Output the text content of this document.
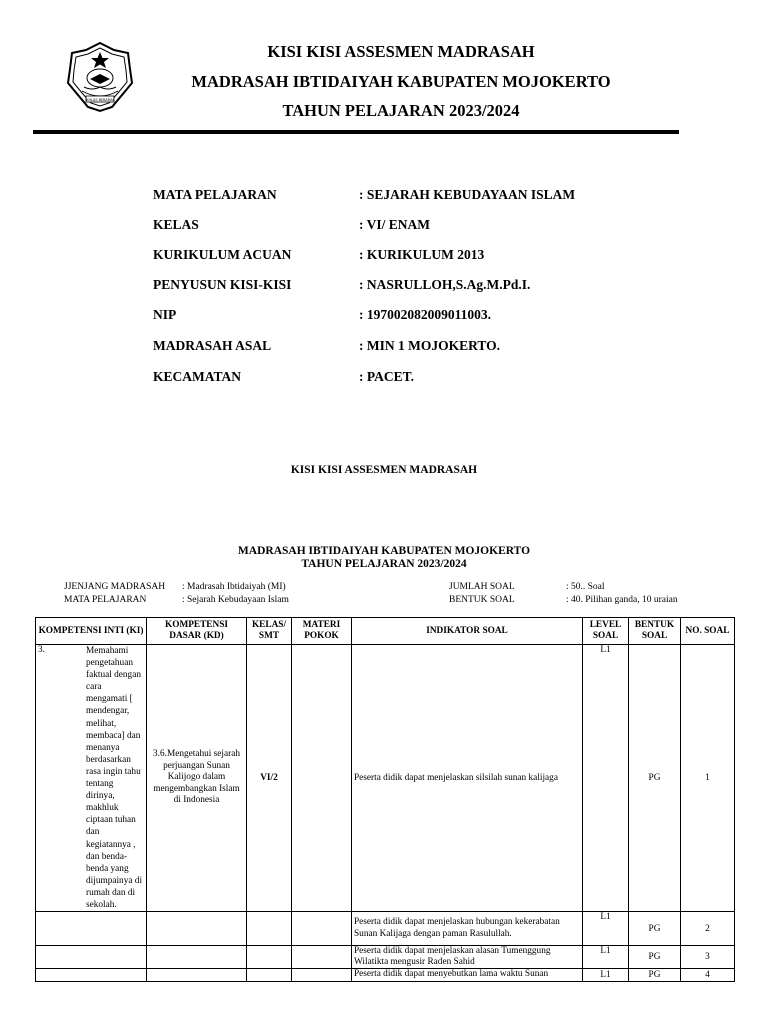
IKHLAS BERAMAL
KISI KISI ASSESMEN MADRASAH
MADRASAH IBTIDAIYAH KABUPATEN MOJOKERTO
TAHUN PELAJARAN 2023/2024
MATA PELAJARAN	: SEJARAH KEBUDAYAAN ISLAM
KELAS	: VI/ ENAM
KURIKULUM ACUAN	: KURIKULUM 2013
PENYUSUN KISI-KISI	: NASRULLOH,S.Ag.M.Pd.I.
NIP	: 197002082009011003.
MADRASAH ASAL	: MIN 1 MOJOKERTO.
KECAMATAN	: PACET.
KISI KISI ASSESMEN MADRASAH
MADRASAH IBTIDAIYAH KABUPATEN MOJOKERTO
TAHUN PELAJARAN 2023/2024
JJENJANG MADRASAH : Madrasah Ibtidaiyah (MI)
MATA PELAJARAN	: Sejarah Kebudayaan Islam
JUMLAH SOAL	: 50.. Soal
BENTUK SOAL	: 40. Pilihan ganda, 10 uraian
KOMPETENSI INTI (KI)	KOMPETENSI DASAR (KD)	KELAS/ SMT	MATERI POKOK	INDIKATOR SOAL	LEVEL SOAL	BENTUK SOAL	NO. SOAL

3. Memahami pengetahuan faktual dengan cara mengamati [ mendengar, melihat, membaca] dan menanya berdasarkan rasa ingin tahu tentang dirinya, makhluk ciptaan tuhan dan kegiatannya , dan benda-benda yang dijumpainya di rumah dan di sekolah.	3.6.Mengetahui sejarah perjuangan Sunan Kalijogo dalam mengembangkan Islam di Indonesia	VI/2		Peserta didik dapat menjelaskan silsilah sunan kalijaga	L1	PG	1
				Peserta didik dapat menjelaskan hubungan kekerabatan Sunan Kalijaga dengan paman Rasulullah.	L1	PG	2
				Peserta didik dapat menjelaskan alasan Tumenggung Wilatikta mengusir Raden Sahid	L1	PG	3
				Peserta didik dapat menyebutkan lama waktu Sunan	L1	PG	4
